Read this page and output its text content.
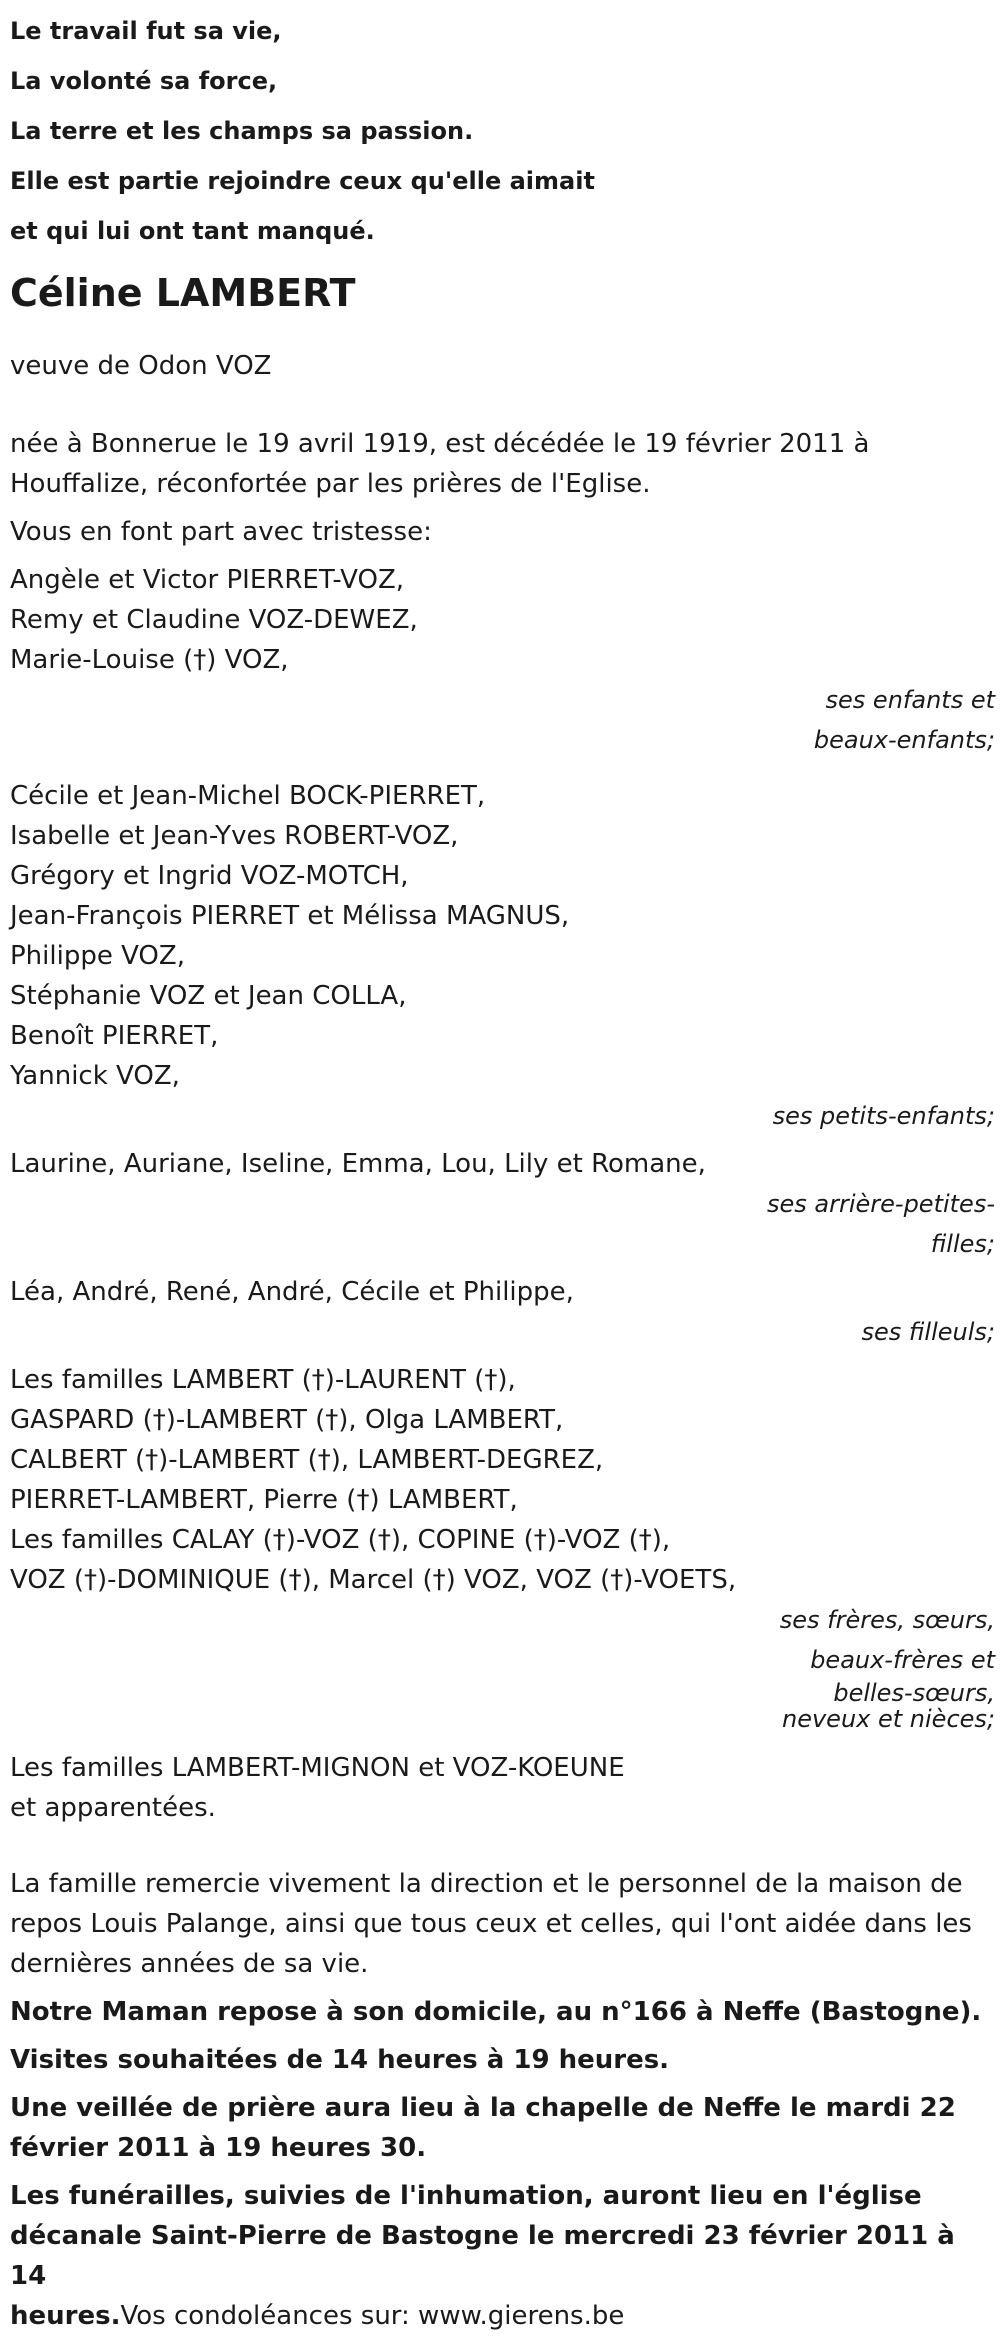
Le travail fut sa vie,
La volonté sa force,
La terre et les champs sa passion.
Elle est partie rejoindre ceux qu'elle aimait
et qui lui ont tant manqué.
Céline LAMBERT
veuve de Odon VOZ
née à Bonnerue le 19 avril 1919, est décédée le 19 février 2011 à
Houffalize, réconfortée par les prières de l'Eglise.
Vous en font part avec tristesse:
Angèle et Victor PIERRET-VOZ,
Remy et Claudine VOZ-DEWEZ,
Marie-Louise (†) VOZ,
ses enfants et
beaux-enfants;
Cécile et Jean-Michel BOCK-PIERRET,
Isabelle et Jean-Yves ROBERT-VOZ,
Grégory et Ingrid VOZ-MOTCH,
Jean-François PIERRET et Mélissa MAGNUS,
Philippe VOZ,
Stéphanie VOZ et Jean COLLA,
Benoît PIERRET,
Yannick VOZ,
ses petits-enfants;
Laurine, Auriane, Iseline, Emma, Lou, Lily et Romane,
ses arrière-petites-
filles;
Léa, André, René, André, Cécile et Philippe,
ses filleuls;
Les familles LAMBERT (†)-LAURENT (†),
GASPARD (†)-LAMBERT (†), Olga LAMBERT,
CALBERT (†)-LAMBERT (†), LAMBERT-DEGREZ,
PIERRET-LAMBERT, Pierre (†) LAMBERT,
Les familles CALAY (†)-VOZ (†), COPINE (†)-VOZ (†),
VOZ (†)-DOMINIQUE (†), Marcel (†) VOZ, VOZ (†)-VOETS,
ses frères, sœurs,
beaux-frères et
belles-sœurs,
neveux et nièces;
Les familles LAMBERT-MIGNON et VOZ-KOEUNE
et apparentées.
La famille remercie vivement la direction et le personnel de la maison de
repos Louis Palange, ainsi que tous ceux et celles, qui l'ont aidée dans les
dernières années de sa vie.
Notre Maman repose à son domicile, au n°166 à Neffe (Bastogne).
Visites souhaitées de 14 heures à 19 heures.
Une veillée de prière aura lieu à la chapelle de Neffe le mardi 22
février 2011 à 19 heures 30.
Les funérailles, suivies de l'inhumation, auront lieu en l'église
décanale Saint-Pierre de Bastogne le mercredi 23 février 2011 à 14
heures.Vos condoléances sur: www.gierens.be
